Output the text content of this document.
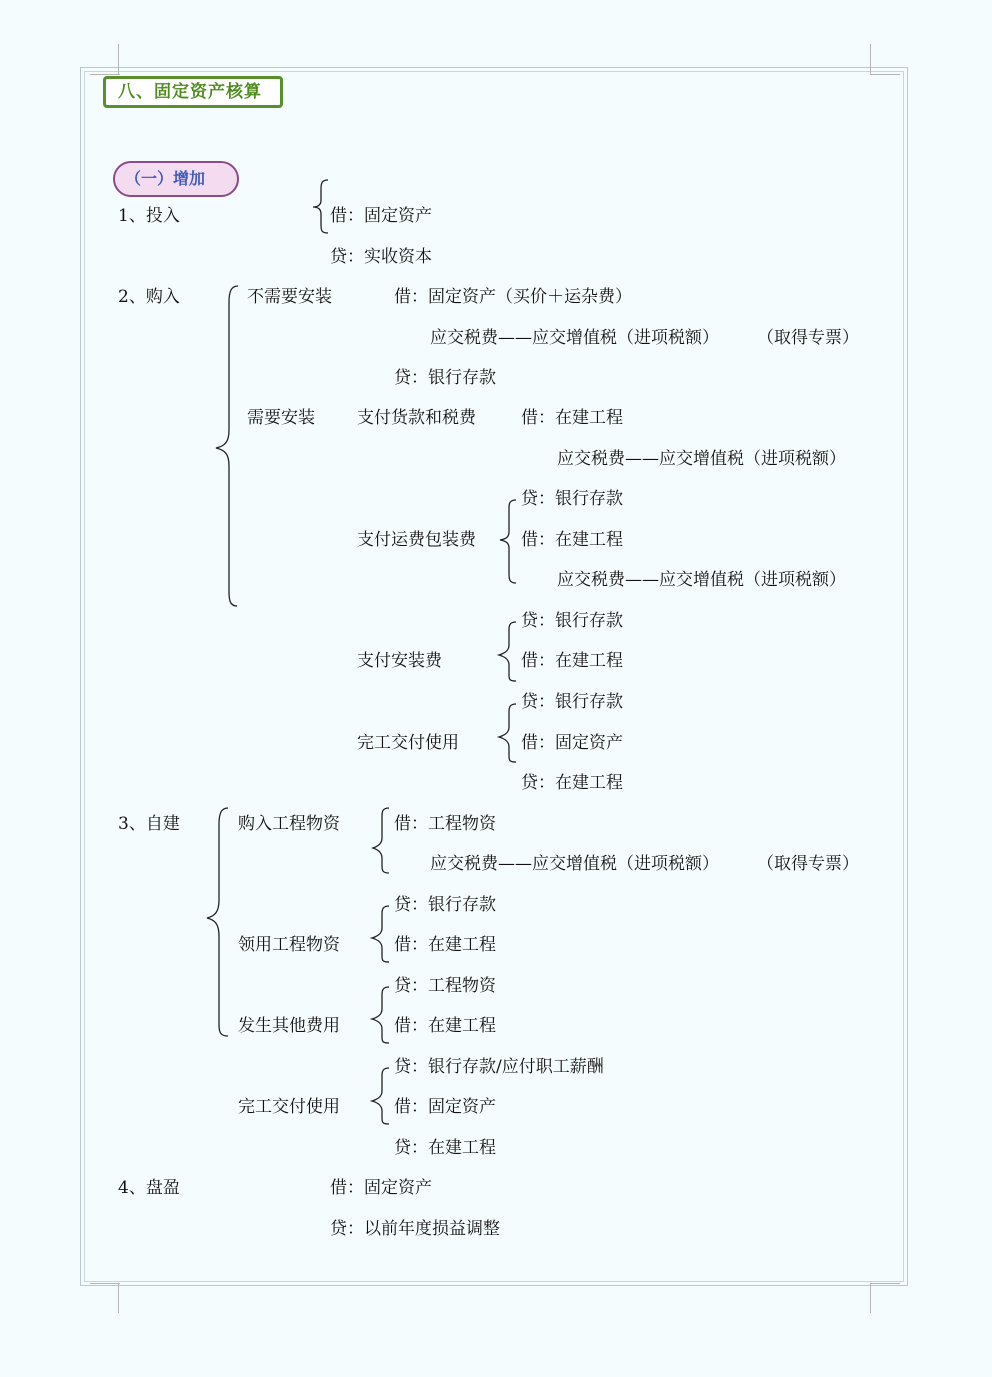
八、固定资产核算
（一）增加
1、投入	借：固定资产
贷：实收资本
2、购入	不需要安装	借：固定资产（买价＋运杂费）
应交税费——应交增值税（进项税额） （取得专票）
贷：银行存款
需要安装 支付货款和税费	借：在建工程
应交税费——应交增值税（进项税额）
贷：银行存款
支付运费包装费	借：在建工程
应交税费——应交增值税（进项税额）
贷：银行存款
支付安装费	借：在建工程
贷：银行存款
完工交付使用	借：固定资产
贷：在建工程
3、自建	购入工程物资	借：工程物资
应交税费——应交增值税（进项税额） （取得专票）
贷：银行存款
领用工程物资	借：在建工程
贷：工程物资
发生其他费用	借：在建工程
贷：银行存款/应付职工薪酬
完工交付使用	借：固定资产
贷：在建工程
4、盘盈	借：固定资产
贷：以前年度损益调整
